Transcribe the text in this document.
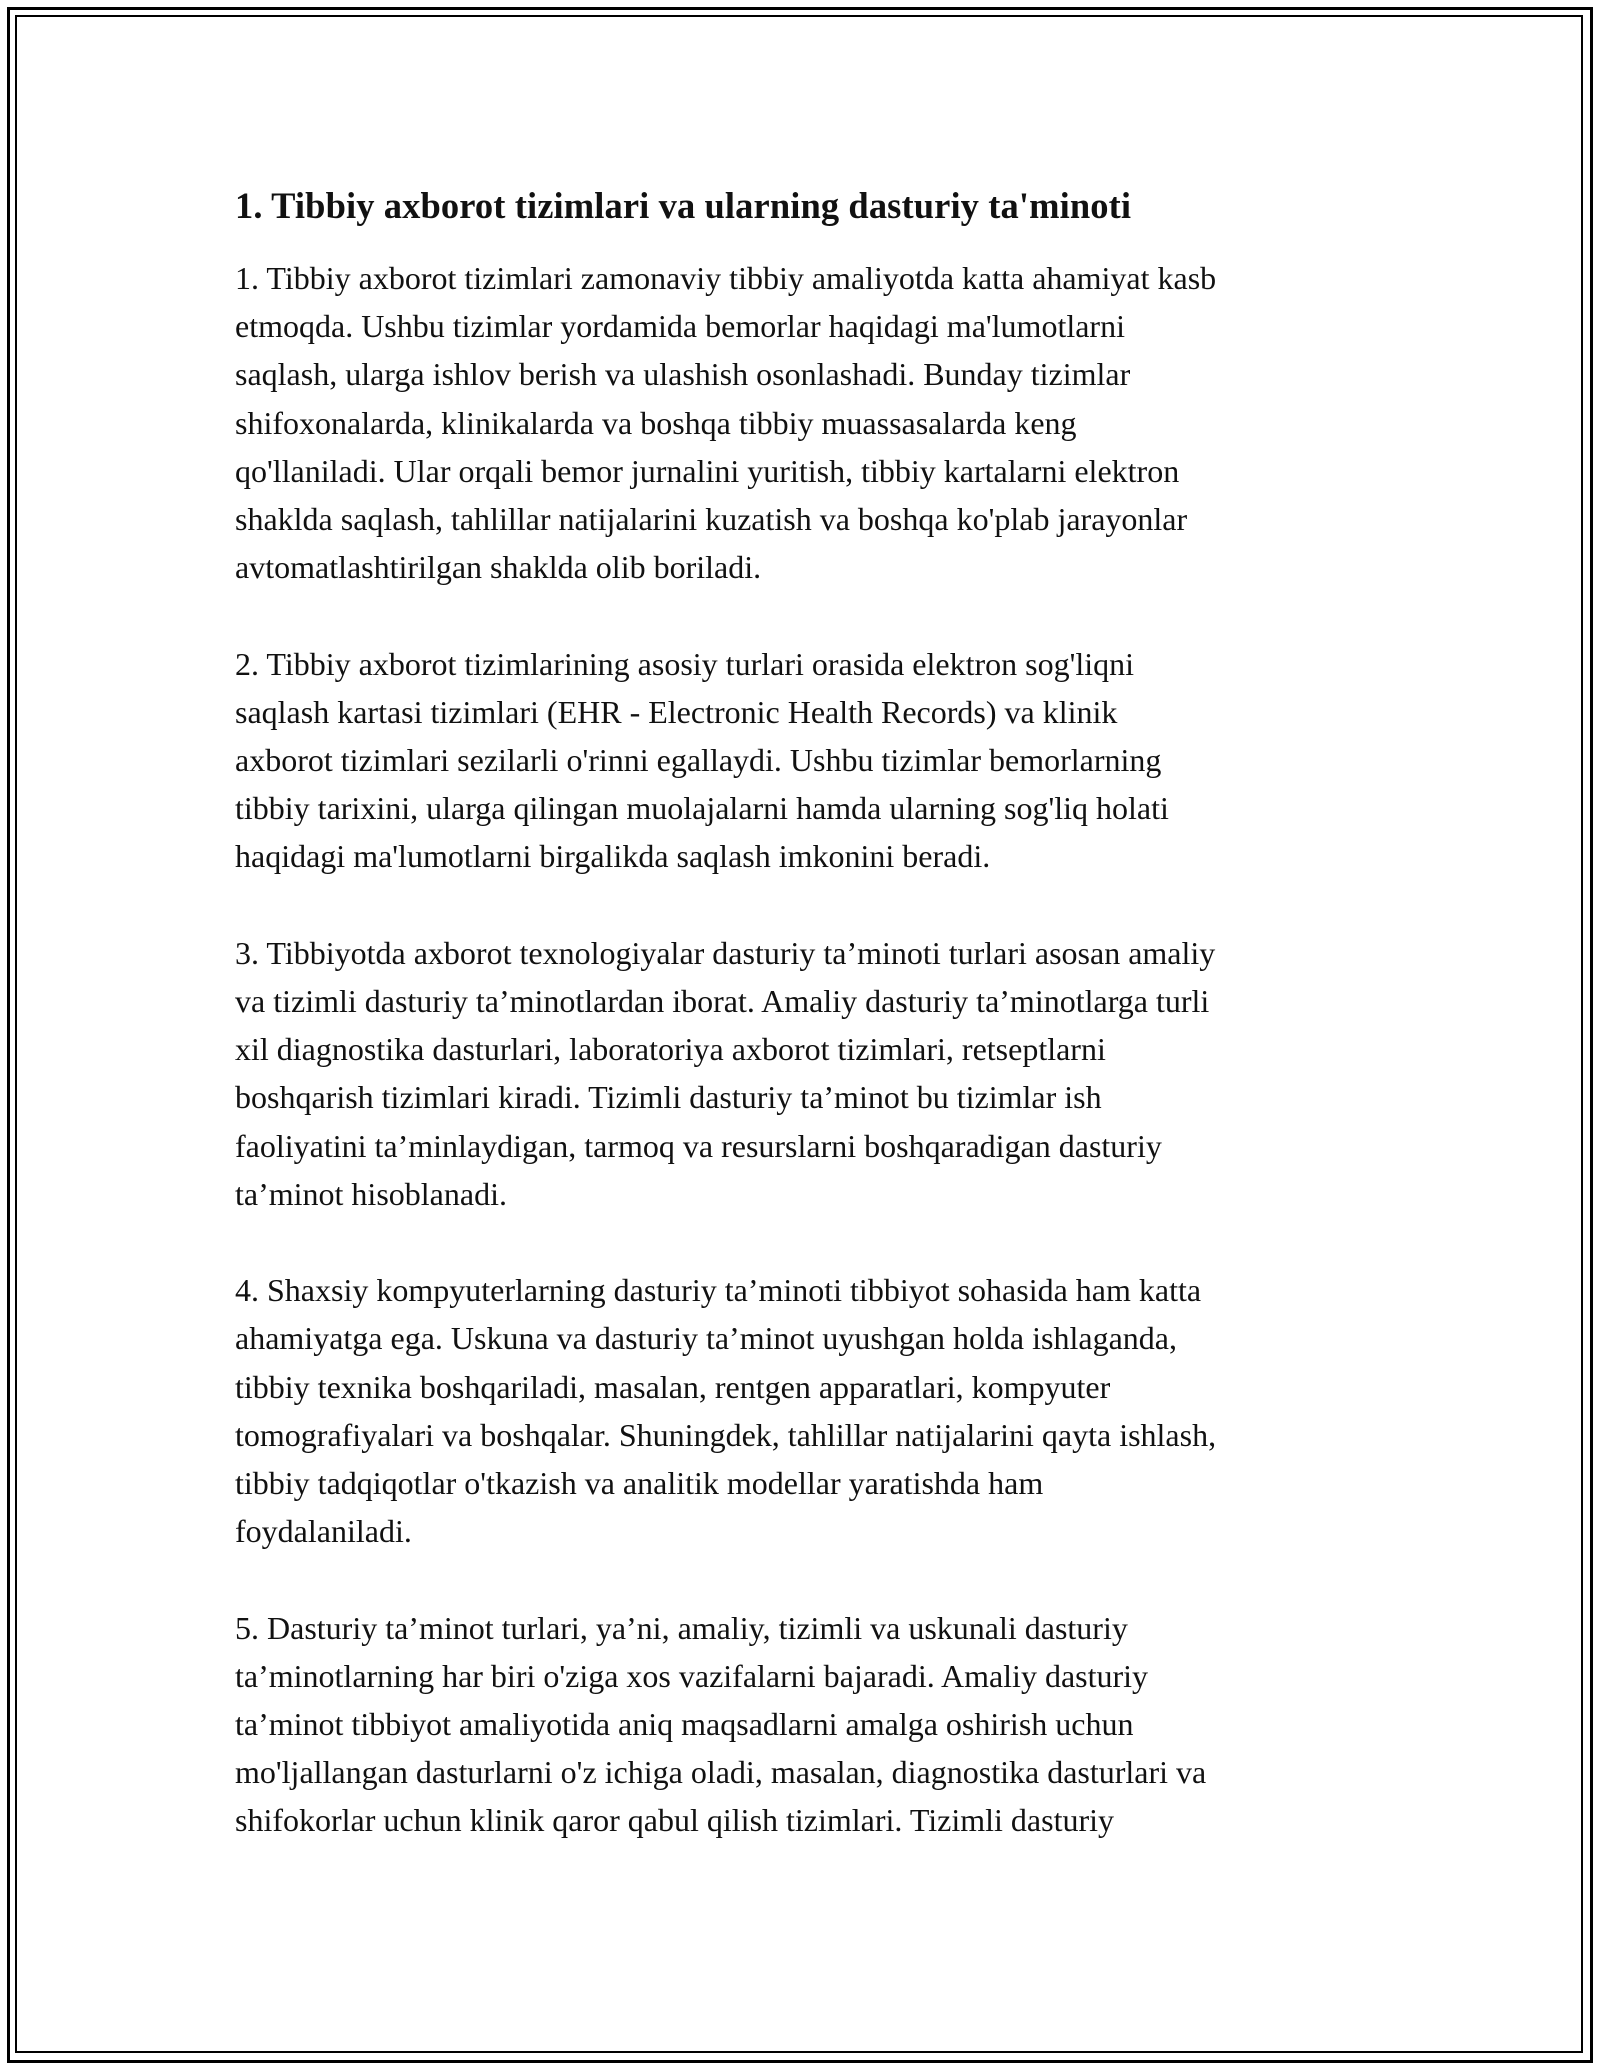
1. Tibbiy axborot tizimlari va ularning dasturiy ta'minoti

1. Tibbiy axborot tizimlari zamonaviy tibbiy amaliyotda katta ahamiyat kasb
etmoqda. Ushbu tizimlar yordamida bemorlar haqidagi ma'lumotlarni
saqlash, ularga ishlov berish va ulashish osonlashadi. Bunday tizimlar
shifoxonalarda, klinikalarda va boshqa tibbiy muassasalarda keng
qo'llaniladi. Ular orqali bemor jurnalini yuritish, tibbiy kartalarni elektron
shaklda saqlash, tahlillar natijalarini kuzatish va boshqa ko'plab jarayonlar
avtomatlashtirilgan shaklda olib boriladi.

2. Tibbiy axborot tizimlarining asosiy turlari orasida elektron sog'liqni
saqlash kartasi tizimlari (EHR - Electronic Health Records) va klinik
axborot tizimlari sezilarli o'rinni egallaydi. Ushbu tizimlar bemorlarning
tibbiy tarixini, ularga qilingan muolajalarni hamda ularning sog'liq holati
haqidagi ma'lumotlarni birgalikda saqlash imkonini beradi.

3. Tibbiyotda axborot texnologiyalar dasturiy ta’minoti turlari asosan amaliy
va tizimli dasturiy ta’minotlardan iborat. Amaliy dasturiy ta’minotlarga turli
xil diagnostika dasturlari, laboratoriya axborot tizimlari, retseptlarni
boshqarish tizimlari kiradi. Tizimli dasturiy ta’minot bu tizimlar ish
faoliyatini ta’minlaydigan, tarmoq va resurslarni boshqaradigan dasturiy
ta’minot hisoblanadi.

4. Shaxsiy kompyuterlarning dasturiy ta’minoti tibbiyot sohasida ham katta
ahamiyatga ega. Uskuna va dasturiy ta’minot uyushgan holda ishlaganda,
tibbiy texnika boshqariladi, masalan, rentgen apparatlari, kompyuter
tomografiyalari va boshqalar. Shuningdek, tahlillar natijalarini qayta ishlash,
tibbiy tadqiqotlar o'tkazish va analitik modellar yaratishda ham
foydalaniladi.

5. Dasturiy ta’minot turlari, ya’ni, amaliy, tizimli va uskunali dasturiy
ta’minotlarning har biri o'ziga xos vazifalarni bajaradi. Amaliy dasturiy
ta’minot tibbiyot amaliyotida aniq maqsadlarni amalga oshirish uchun
mo'ljallangan dasturlarni o'z ichiga oladi, masalan, diagnostika dasturlari va
shifokorlar uchun klinik qaror qabul qilish tizimlari. Tizimli dasturiy
